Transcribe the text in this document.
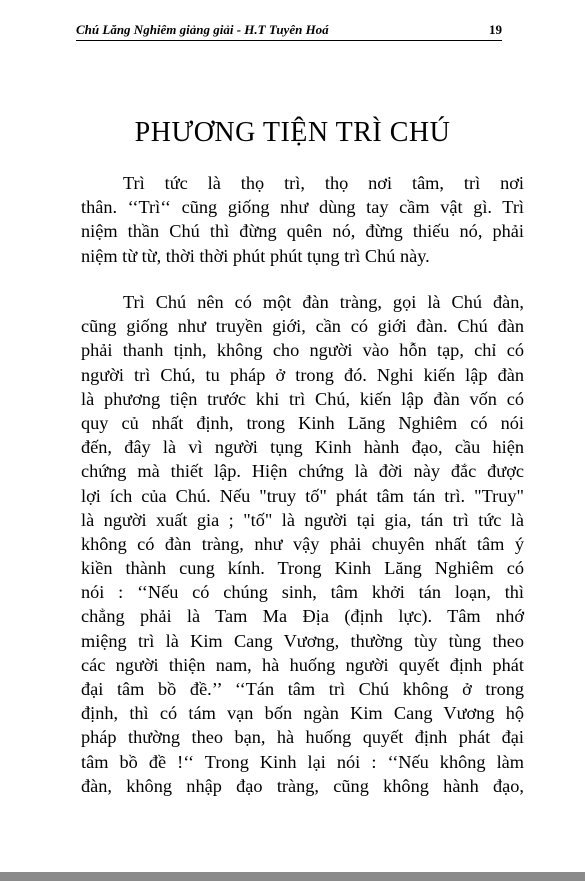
Chú Lăng Nghiêm giảng giải - H.T Tuyên Hoá	19
PHƯƠNG TIỆN TRÌ CHÚ
Trì tức là thọ trì, thọ nơi tâm, trì nơi
thân. ‘‘Trì‘‘ cũng giống như dùng tay cầm vật gì. Trì
niệm thần Chú thì đừng quên nó, đừng thiếu nó, phải
niệm từ từ, thời thời phút phút tụng trì Chú này.
Trì Chú nên có một đàn tràng, gọi là Chú đàn,
cũng giống như truyền giới, cần có giới đàn. Chú đàn
phải thanh tịnh, không cho người vào hỗn tạp, chỉ có
người trì Chú, tu pháp ở trong đó. Nghi kiến lập đàn
là phương tiện trước khi trì Chú, kiến lập đàn vốn có
quy củ nhất định, trong Kinh Lăng Nghiêm có nói
đến, đây là vì người tụng Kinh hành đạo, cầu hiện
chứng mà thiết lập. Hiện chứng là đời này đắc được
lợi ích của Chú. Nếu "truy tố" phát tâm tán trì. "Truy"
là người xuất gia ; "tố" là người tại gia, tán trì tức là
không có đàn tràng, như vậy phải chuyên nhất tâm ý
kiền thành cung kính. Trong Kinh Lăng Nghiêm có
nói : ‘‘Nếu có chúng sinh, tâm khởi tán loạn, thì
chẳng phải là Tam Ma Địa (định lực). Tâm nhớ
miệng trì là Kim Cang Vương, thường tùy tùng theo
các người thiện nam, hà huống người quyết định phát
đại tâm bồ đề.’’ ‘‘Tán tâm trì Chú không ở trong
định, thì có tám vạn bốn ngàn Kim Cang Vương hộ
pháp thường theo bạn, hà huống quyết định phát đại
tâm bồ đề !‘‘ Trong Kinh lại nói : ‘‘Nếu không làm
đàn, không nhập đạo tràng, cũng không hành đạo,
